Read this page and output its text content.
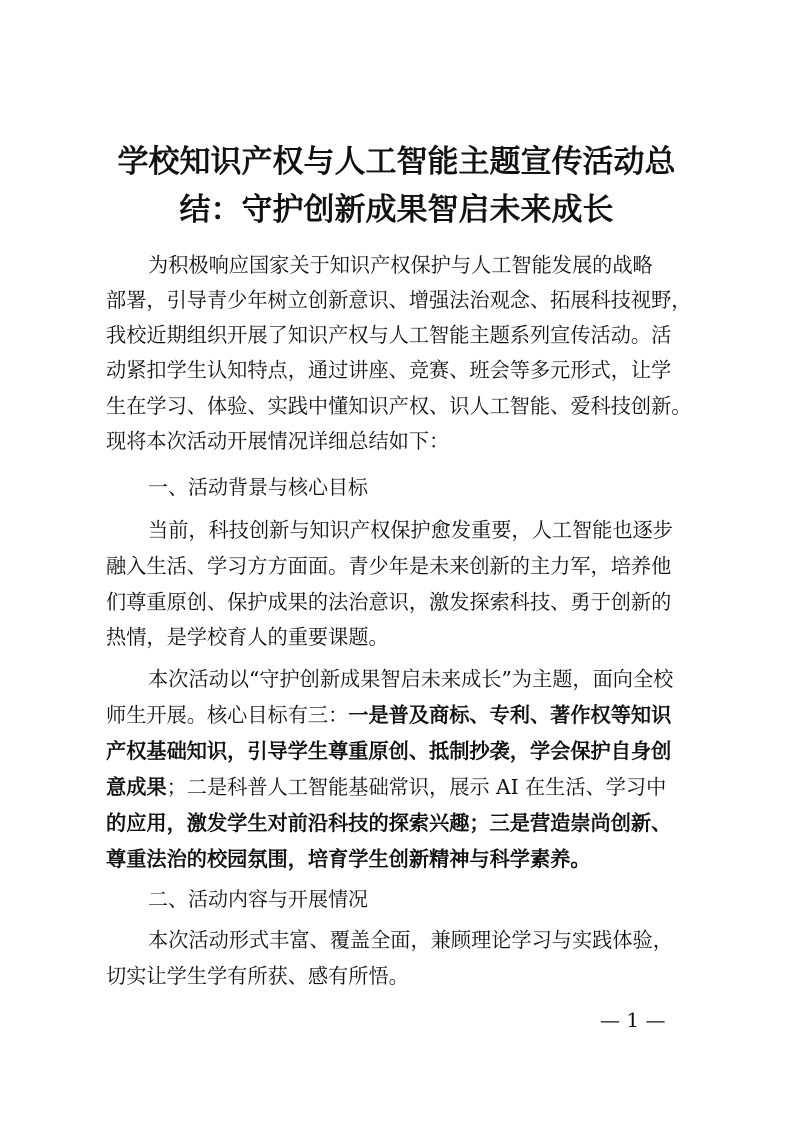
学校知识产权与人工智能主题宣传活动总
结：守护创新成果智启未来成长
为积极响应国家关于知识产权保护与人工智能发展的战略
部署，引导青少年树立创新意识、增强法治观念、拓展科技视野，
我校近期组织开展了知识产权与人工智能主题系列宣传活动。活
动紧扣学生认知特点，通过讲座、竞赛、班会等多元形式，让学
生在学习、体验、实践中懂知识产权、识人工智能、爱科技创新。
现将本次活动开展情况详细总结如下：
一、活动背景与核心目标
当前，科技创新与知识产权保护愈发重要，人工智能也逐步
融入生活、学习方方面面。青少年是未来创新的主力军，培养他
们尊重原创、保护成果的法治意识，激发探索科技、勇于创新的
热情，是学校育人的重要课题。
本次活动以“守护创新成果智启未来成长”为主题，面向全校
师生开展。核心目标有三：一是普及商标、专利、著作权等知识
产权基础知识，引导学生尊重原创、抵制抄袭，学会保护自身创
意成果；二是科普人工智能基础常识，展示 AI 在生活、学习中
的应用，激发学生对前沿科技的探索兴趣；三是营造崇尚创新、
尊重法治的校园氛围，培育学生创新精神与科学素养。
二、活动内容与开展情况
本次活动形式丰富、覆盖全面，兼顾理论学习与实践体验，
切实让学生学有所获、感有所悟。
— 1 —
